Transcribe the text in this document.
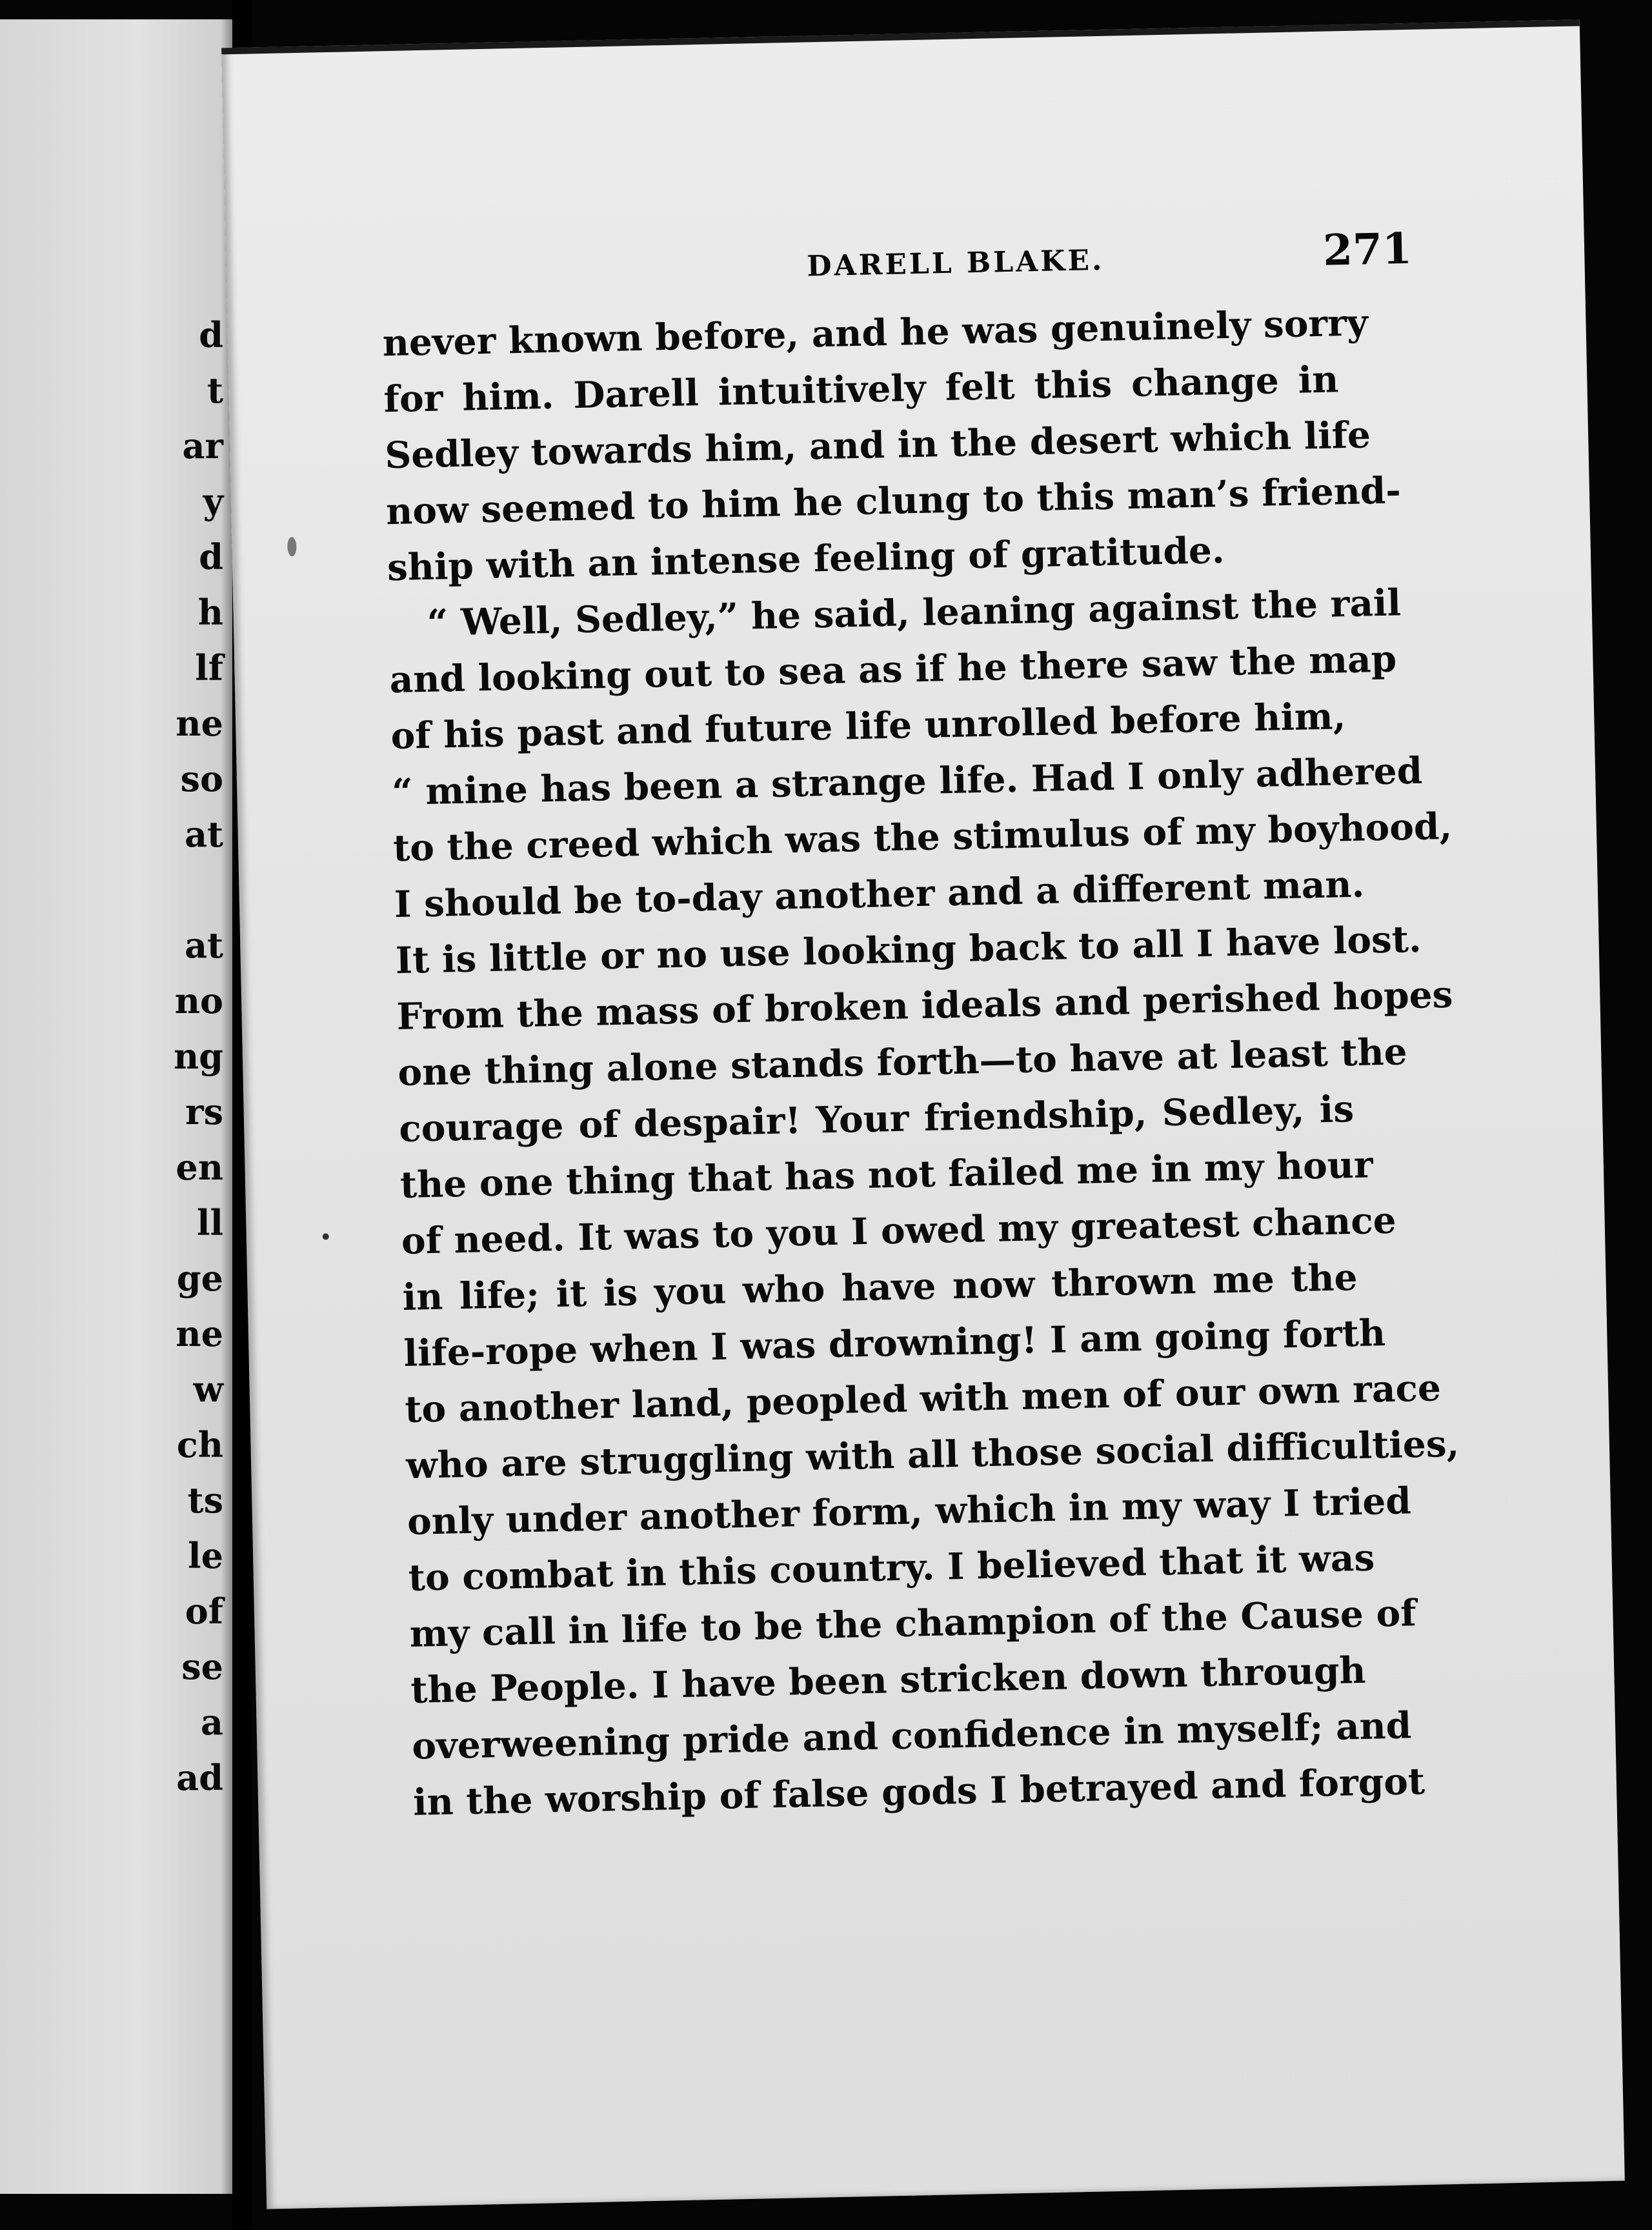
d
t
ar
y
d
h
lf
ne
so
at
at
no
ng
rs
en
ll
ge
ne
w
ch
ts
le
of
se
a
ad
DARELL BLAKE.	271
never known before, and he was genuinely sorry
for him. Darell intuitively felt this change in
Sedley towards him, and in the desert which life
now seemed to him he clung to this man’s friend-
ship with an intense feeling of gratitude.
“ Well, Sedley,” he said, leaning against the rail
and looking out to sea as if he there saw the map
of his past and future life unrolled before him,
“ mine has been a strange life. Had I only adhered
to the creed which was the stimulus of my boyhood,
I should be to-day another and a different man.
It is little or no use looking back to all I have lost.
From the mass of broken ideals and perished hopes
one thing alone stands forth—to have at least the
courage of despair! Your friendship, Sedley, is
the one thing that has not failed me in my hour
of need. It was to you I owed my greatest chance
in life; it is you who have now thrown me the
life-rope when I was drowning! I am going forth
to another land, peopled with men of our own race
who are struggling with all those social difficulties,
only under another form, which in my way I tried
to combat in this country. I believed that it was
my call in life to be the champion of the Cause of
the People. I have been stricken down through
overweening pride and confidence in myself; and
in the worship of false gods I betrayed and forgot
